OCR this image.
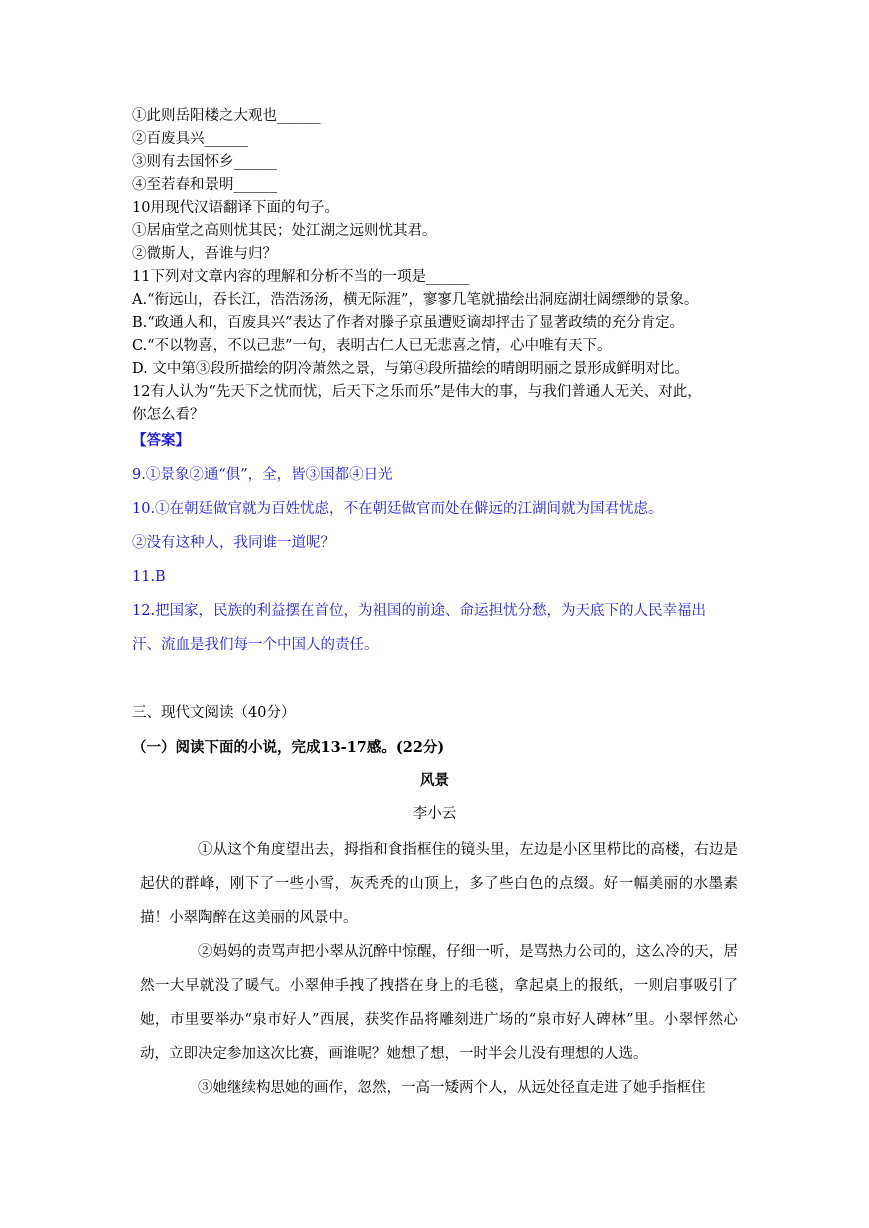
①此则岳阳楼之大观也______
②百废具兴______
③则有去国怀乡______
④至若春和景明______
10用现代汉语翻译下面的句子。
①居庙堂之高则忧其民；处江湖之远则忧其君。
②微斯人，吾谁与归？
11下列对文章内容的理解和分析不当的一项是______
A.“衔远山，吞长江，浩浩汤汤，横无际涯”，寥寥几笔就描绘出洞庭湖壮阔缥缈的景象。
B.“政通人和，百废具兴”表达了作者对滕子京虽遭贬谪却抨击了显著政绩的充分肯定。
C.“不以物喜，不以己悲”一句，表明古仁人已无悲喜之情，心中唯有天下。
D. 文中第③段所描绘的阴冷萧然之景，与第④段所描绘的晴朗明丽之景形成鲜明对比。
12有人认为“先天下之忧而忧，后天下之乐而乐”是伟大的事，与我们普通人无关、对此，
你怎么看？
【答案】
9.①景象②通“俱”，全，皆③国都④日光
10.①在朝廷做官就为百姓忧虑，不在朝廷做官而处在僻远的江湖间就为国君忧虑。
②没有这种人，我同谁一道呢？
11.B
12.把国家，民族的利益摆在首位，为祖国的前途、命运担忧分愁，为天底下的人民幸福出
汗、流血是我们每一个中国人的责任。
三、现代文阅读（40分）
（一）阅读下面的小说，完成13-17感。(22分)
风景
李小云
①从这个角度望出去，拇指和食指框住的镜头里，左边是小区里栉比的高楼，右边是起伏的群峰，刚下了一些小雪，灰秃秃的山顶上，多了些白色的点缀。好一幅美丽的水墨素描！小翠陶醉在这美丽的风景中。
②妈妈的责骂声把小翠从沉醉中惊醒，仔细一听，是骂热力公司的，这么冷的天，居然一大早就没了暖气。小翠伸手拽了拽搭在身上的毛毯，拿起桌上的报纸，一则启事吸引了她，市里要举办“泉市好人”西展，获奖作品将雕刻进广场的“泉市好人碑林”里。小翠怦然心动，立即决定参加这次比赛，画谁呢？她想了想，一时半会儿没有理想的人选。
③她继续构思她的画作，忽然，一高一矮两个人，从远处径直走进了她手指框住
